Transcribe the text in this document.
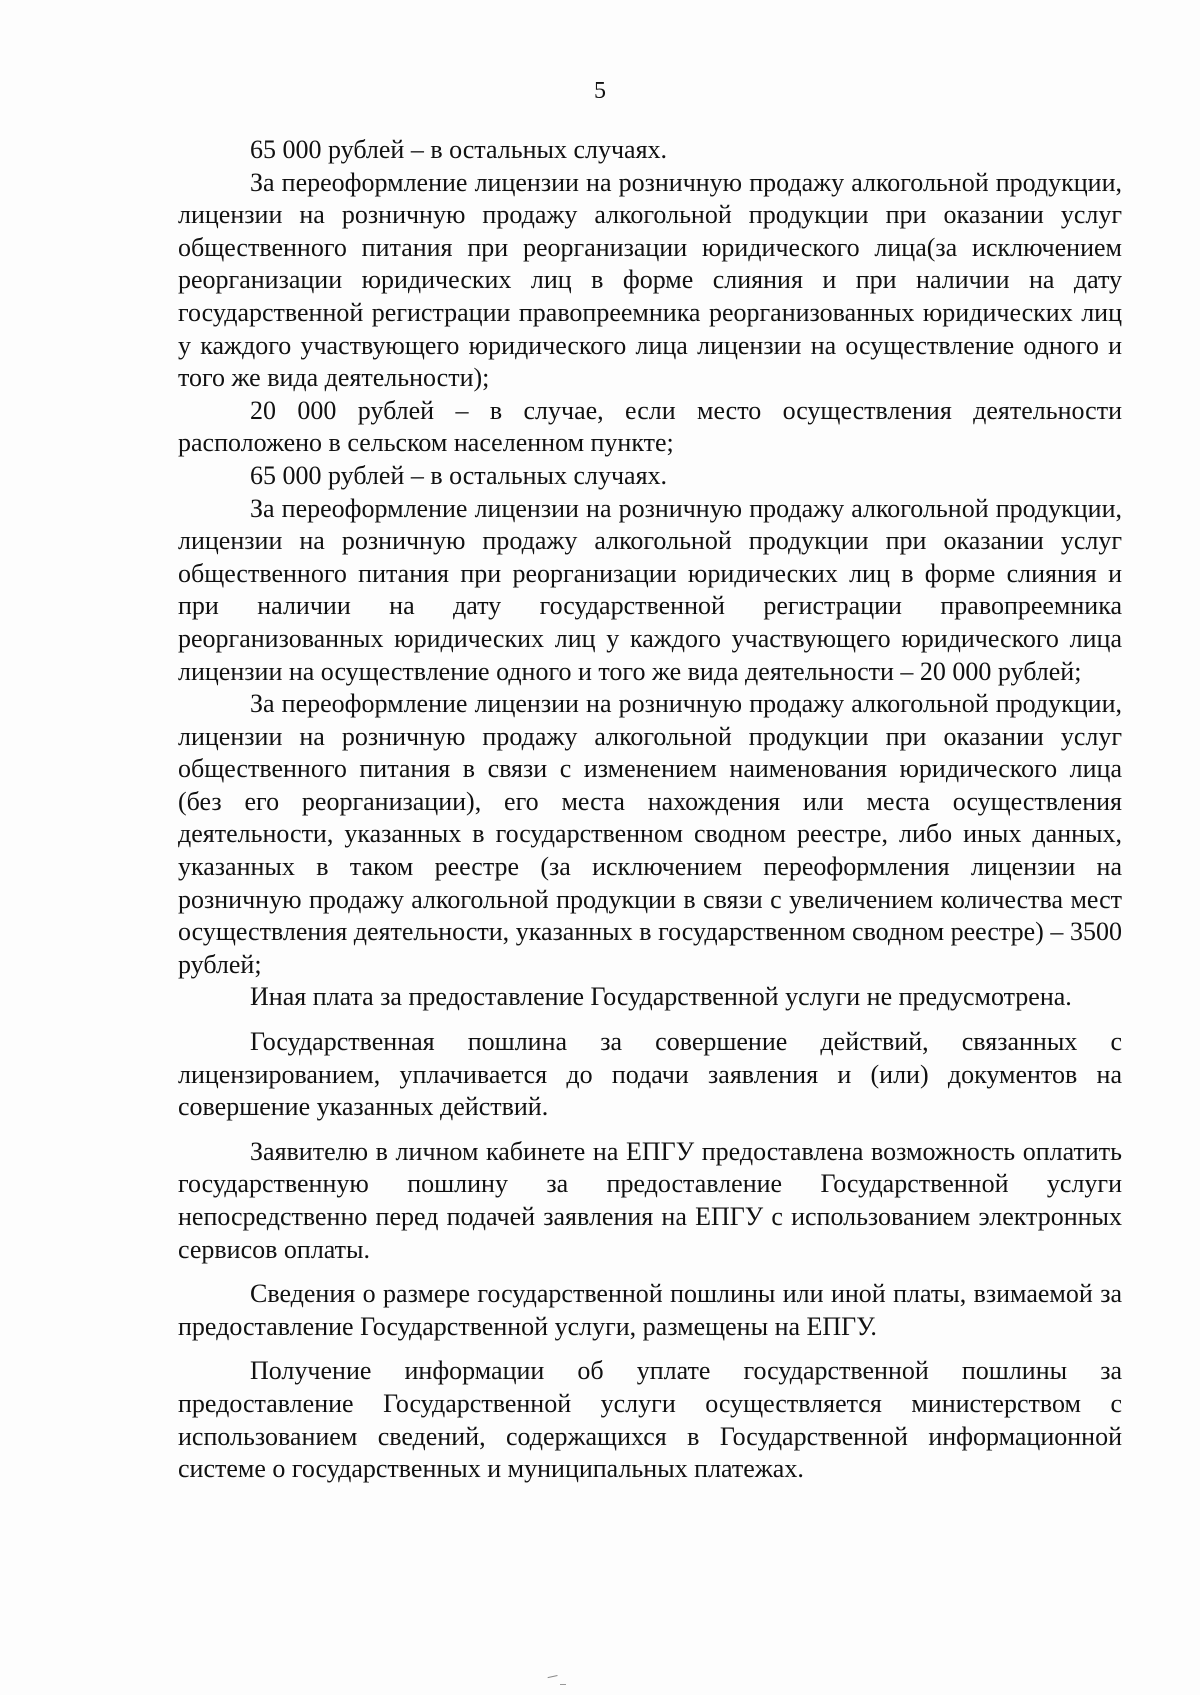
5

65 000 рублей – в остальных случаях.

За переоформление лицензии на розничную продажу алкогольной продукции, лицензии на розничную продажу алкогольной продукции при оказании услуг общественного питания при реорганизации юридического лица(за исключением реорганизации юридических лиц в форме слияния и при наличии на дату государственной регистрации правопреемника реорганизованных юридических лиц у каждого участвующего юридического лица лицензии на осуществление одного и того же вида деятельности);

20 000 рублей – в случае, если место осуществления деятельности расположено в сельском населенном пункте;

65 000 рублей – в остальных случаях.

За переоформление лицензии на розничную продажу алкогольной продукции, лицензии на розничную продажу алкогольной продукции при оказании услуг общественного питания при реорганизации юридических лиц в форме слияния и при наличии на дату государственной регистрации правопреемника реорганизованных юридических лиц у каждого участвующего юридического лица лицензии на осуществление одного и того же вида деятельности – 20 000 рублей;

За переоформление лицензии на розничную продажу алкогольной продукции, лицензии на розничную продажу алкогольной продукции при оказании услуг общественного питания в связи с изменением наименования юридического лица (без его реорганизации), его места нахождения или места осуществления деятельности, указанных в государственном сводном реестре, либо иных данных, указанных в таком реестре (за исключением переоформления лицензии на розничную продажу алкогольной продукции в связи с увеличением количества мест осуществления деятельности, указанных в государственном сводном реестре) – 3500 рублей;

Иная плата за предоставление Государственной услуги не предусмотрена.

Государственная пошлина за совершение действий, связанных с лицензированием, уплачивается до подачи заявления и (или) документов на совершение указанных действий.

Заявителю в личном кабинете на ЕПГУ предоставлена возможность оплатить государственную пошлину за предоставление Государственной услуги непосредственно перед подачей заявления на ЕПГУ с использованием электронных сервисов оплаты.

Сведения о размере государственной пошлины или иной платы, взимаемой за предоставление Государственной услуги, размещены на ЕПГУ.

Получение информации об уплате государственной пошлины за предоставление Государственной услуги осуществляется министерством с использованием сведений, содержащихся в Государственной информационной системе о государственных и муниципальных платежах.
